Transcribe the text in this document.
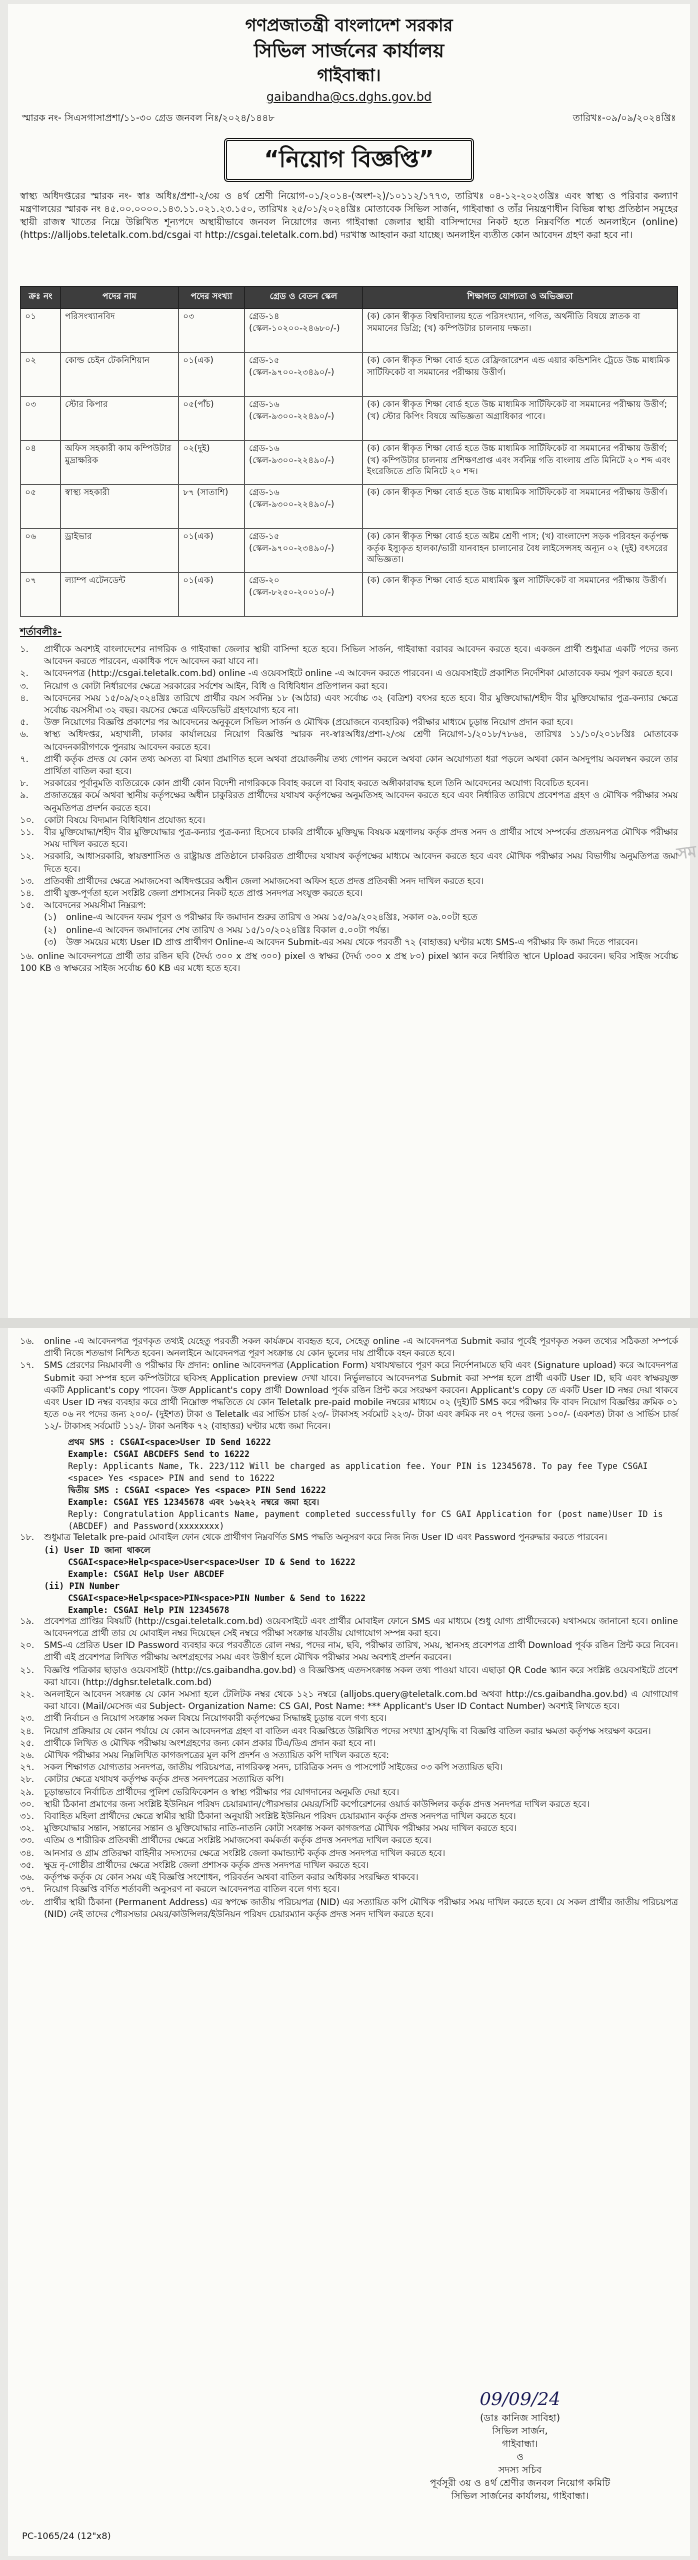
গণপ্রজাতন্ত্রী বাংলাদেশ সরকার
সিভিল সার্জনের কার্যালয়
গাইবান্ধা।
gaibandha@cs.dghs.gov.bd
স্মারক নং- সিএসগাসাপ্রশা/১১-৩০ গ্রেড জনবল নিঃ/২০২৪/১৪৪৮	তারিখঃ-০৯/০৯/২০২৪খ্রিঃ
“নিয়োগ বিজ্ঞপ্তি”
স্বাস্থ্য অধিদপ্তরের স্মারক নং- স্বাঃ অধিঃ/প্রশা-২/৩য় ও ৪র্থ শ্রেণী নিয়োগ-০১/২০১৪-(অংশ-২)/১০১১২/১৭৭৩, তারিখঃ ০৪-১২-২০২৩খ্রিঃ এবং স্বাস্থ্য ও পরিবার কল্যাণ মন্ত্রণালয়ের স্মারক নং ৪৫.০০.০০০০.১৪৩.১১.০২১.২৩.১৫০, তারিখঃ ২৫/০১/২০২৪খ্রিঃ মোতাবেক সিভিল সার্জন, গাইবান্ধা ও তাঁর নিয়ন্ত্রণাধীন বিভিন্ন স্বাস্থ্য প্রতিষ্ঠান সমূহের স্থায়ী রাজস্ব খাতের নিম্নে উল্লিখিত শূন্যপদে অস্থায়ীভাবে জনবল নিয়োগের জন্য গাইবান্ধা জেলার স্থায়ী বাসিন্দাদের নিকট হতে নিম্নবর্ণিত শর্তে অনলাইনে (online)(https://alljobs.teletalk.com.bd/csgai বা http://csgai.teletalk.com.bd) দরখাস্ত আহবান করা যাচ্ছে। অনলাইন ব্যতীত কোন আবেদন গ্রহণ করা হবে না।
ক্রঃ নং	পদের নাম	পদের সংখ্যা	গ্রেড ও বেতন স্কেল	শিক্ষাগত যোগ্যতা ও অভিজ্ঞতা
০১	পরিসংখ্যানবিদ	০৩	গ্রেড-১৪ (স্কেল-১০২০০-২৪৬৮০/-)	(ক) কোন স্বীকৃত বিশ্ববিদ্যালয় হতে পরিসংখ্যান, গণিত, অর্থনীতি বিষয়ে স্নাতক বা সমমানের ডিগ্রি; (খ) কম্পিউটার চালনায় দক্ষতা।
০২	কোল্ড চেইন টেকনিশিয়ান	০১(এক)	গ্রেড-১৫ (স্কেল-৯৭০০-২৩৪৯০/-)	(ক) কোন স্বীকৃত শিক্ষা বোর্ড হতে রেফ্রিজারেশন এন্ড এয়ার কন্ডিশনিং ট্রেডে উচ্চ মাধ্যমিক সার্টিফিকেট বা সমমানের পরীক্ষায় উত্তীর্ণ।
০৩	স্টোর কিপার	০৫(পাঁচ)	গ্রেড-১৬ (স্কেল-৯৩০০-২২৪৯০/-)	(ক) কোন স্বীকৃত শিক্ষা বোর্ড হতে উচ্চ মাধ্যমিক সার্টিফিকেট বা সমমানের পরীক্ষায় উত্তীর্ণ; (খ) স্টোর কিপিং বিষয়ে অভিজ্ঞতা অগ্রাধিকার পাবে।
০৪	অফিস সহকারী কাম কম্পিউটার মুদ্রাক্ষরিক	০২(দুই)	গ্রেড-১৬ (স্কেল-৯৩০০-২২৪৯০/-)	(ক) কোন স্বীকৃত শিক্ষা বোর্ড হতে উচ্চ মাধ্যমিক সার্টিফিকেট বা সমমানের পরীক্ষায় উত্তীর্ণ; (খ) কম্পিউটার চালনায় প্রশিক্ষণপ্রাপ্ত এবং সর্বনিম্ন গতি বাংলায় প্রতি মিনিটে ২০ শব্দ এবং ইংরেজিতে প্রতি মিনিটে ২০ শব্দ।
০৫	স্বাস্থ্য সহকারী	৮৭ (সাতাশি)	গ্রেড-১৬ (স্কেল-৯৩০০-২২৪৯০/-)	(ক) কোন স্বীকৃত শিক্ষা বোর্ড হতে উচ্চ মাধ্যমিক সার্টিফিকেট বা সমমানের পরীক্ষায় উত্তীর্ণ।
০৬	ড্রাইভার	০১(এক)	গ্রেড-১৫ (স্কেল-৯৭০০-২৩৪৯০/-)	(ক) কোন স্বীকৃত শিক্ষা বোর্ড হতে অষ্টম শ্রেণী পাস; (খ) বাংলাদেশ সড়ক পরিবহন কর্তৃপক্ষ কর্তৃক ইস্যুকৃত হালকা/ভারী যানবাহন চালানোর বৈধ লাইসেন্সসহ অন্যূন ০২ (দুই) বৎসরের অভিজ্ঞতা।
০৭	ল্যাম্প এটেনডেন্ট	০১(এক)	গ্রেড-২০ (স্কেল-৮২৫০-২০০১০/-)	(ক) কোন স্বীকৃত শিক্ষা বোর্ড হতে মাধ্যমিক স্কুল সার্টিফিকেট বা সমমানের পরীক্ষায় উত্তীর্ণ।
শর্তাবলীঃ-
১.	প্রার্থীকে অবশ্যই বাংলাদেশের নাগরিক ও গাইবান্ধা জেলার স্থায়ী বাসিন্দা হতে হবে। সিভিল সার্জন, গাইবান্ধা বরাবর আবেদন করতে হবে। একজন প্রার্থী শুধুমাত্র একটি পদের জন্য আবেদন করতে পারবেন, একাধিক পদে আবেদন করা যাবে না।
২.	আবেদনপত্র (http://csgai.teletalk.com.bd) online -এ ওয়েবসাইটে online -এ আবেদন করতে পারবেন। এ ওয়েবসাইটে প্রকাশিত নির্দেশিকা মোতাবেক ফরম পূরণ করতে হবে।
৩.	নিয়োগ ও কোটা নির্ধারণের ক্ষেত্রে সরকারের সর্বশেষ আইন, বিধি ও বিধিবিধান প্রতিপালন করা হবে।
৪.	আবেদনের সময় ১৫/০৯/২০২৪খ্রিঃ তারিখে প্রার্থীর বয়স সর্বনিম্ন ১৮ (আঠার) এবং সর্বোচ্চ ৩২ (বত্রিশ) বৎসর হতে হবে। বীর মুক্তিযোদ্ধা/শহীদ বীর মুক্তিযোদ্ধার পুত্র-কন্যার ক্ষেত্রে সর্বোচ্চ বয়সসীমা ৩২ বছর। বয়সের ক্ষেত্রে এফিডেভিট গ্রহণযোগ্য হবে না।
৫.	উক্ত নিয়োগের বিজ্ঞপ্তি প্রকাশের পর আবেদনের অনুকূলে সিভিল সার্জন ও মৌখিক (প্রয়োজনে ব্যবহারিক) পরীক্ষার মাধ্যমে চূড়ান্ত নিয়োগ প্রদান করা হবে।
৬.	স্বাস্থ্য অধিদপ্তর, মহাখালী, ঢাকার কার্যালয়ের নিয়োগ বিজ্ঞপ্তি স্মারক নং-স্বাঃঅধিঃ/প্রশা-২/৩য় শ্রেণী নিয়োগ-১/২০১৮/৭৮৬৪, তারিখঃ ১১/১০/২০১৮খ্রিঃ মোতাবেক আবেদনকারীগণকে পুনরায় আবেদন করতে হবে।
৭.	প্রার্থী কর্তৃক প্রদত্ত যে কোন তথ্য অসত্য বা মিথ্যা প্রমাণিত হলে অথবা প্রয়োজনীয় তথ্য গোপন করলে অথবা কোন অযোগ্যতা ধরা পড়লে অথবা কোন অসদুপায় অবলম্বন করলে তার প্রার্থিতা বাতিল করা হবে।
৮.	সরকারের পূর্বানুমতি ব্যতিরেকে কোন প্রার্থী কোন বিদেশী নাগরিককে বিবাহ করলে বা বিবাহ করতে অঙ্গীকারাবদ্ধ হলে তিনি আবেদনের অযোগ্য বিবেচিত হবেন।
৯.	প্রজাতন্ত্রের কর্মে অথবা স্থানীয় কর্তৃপক্ষের অধীন চাকুরিরত প্রার্থীদের যথাযথ কর্তৃপক্ষের অনুমতিসহ আবেদন করতে হবে এবং নির্ধারিত তারিখে প্রবেশপত্র গ্রহণ ও মৌখিক পরীক্ষার সময় অনুমতিপত্র প্রদর্শন করতে হবে।
১০.	কোটা বিষয়ে বিদ্যমান বিধিবিধান প্রযোজ্য হবে।
১১.	বীর মুক্তিযোদ্ধা/শহীদ বীর মুক্তিযোদ্ধার পুত্র-কন্যার পুত্র-কন্যা হিসেবে চাকরি প্রার্থীকে মুক্তিযুদ্ধ বিষয়ক মন্ত্রণালয় কর্তৃক প্রদত্ত সনদ ও প্রার্থীর সাথে সম্পর্কের প্রত্যয়নপত্র মৌখিক পরীক্ষার সময় দাখিল করতে হবে।
১২.	সরকারি, আধাসরকারি, স্বায়ত্তশাসিত ও রাষ্ট্রায়ত্ত প্রতিষ্ঠানে চাকরিরত প্রার্থীদের যথাযথ কর্তৃপক্ষের মাধ্যমে আবেদন করতে হবে এবং মৌখিক পরীক্ষার সময় বিভাগীয় অনুমতিপত্র জমা দিতে হবে।
১৩.	প্রতিবন্ধী প্রার্থীদের ক্ষেত্রে সমাজসেবা অধিদপ্তরের অধীন জেলা সমাজসেবা অফিস হতে প্রদত্ত প্রতিবন্ধী সনদ দাখিল করতে হবে।
১৪.	প্রার্থী যুক্ত-পূর্ণতা হলে সংশ্লিষ্ট জেলা প্রশাসনের নিকট হতে প্রাপ্ত সনদপত্র সংযুক্ত করতে হবে।
১৫.	আবেদনের সময়সীমা নিম্নরূপ:
(১)	online-এ আবেদন ফরম পূরণ ও পরীক্ষার ফি জমাদান শুরুর তারিখ ও সময় ১৫/০৯/২০২৪খ্রিঃ, সকাল ০৯.০০টা হতে
(২)	online-এ আবেদন জমাদানের শেষ তারিখ ও সময় ১৫/১০/২০২৪খ্রিঃ বিকাল ৫.০০টা পর্যন্ত।
(৩)	উক্ত সময়ের মধ্যে User ID প্রাপ্ত প্রার্থীগণ Online-এ আবেদন Submit-এর সময় থেকে পরবর্তী ৭২ (বাহাত্তর) ঘণ্টার মধ্যে SMS-এ পরীক্ষার ফি জমা দিতে পারবেন।
১৬. online আবেদনপত্রে প্রার্থী তার রঙিন ছবি (দৈর্ঘ্য ৩০০ x প্রস্থ ৩০০) pixel ও স্বাক্ষর (দৈর্ঘ্য ৩০০ x প্রস্থ ৮০) pixel স্ক্যান করে নির্ধারিত স্থানে Upload করবেন। ছবির সাইজ সর্বোচ্চ 100 KB ও স্বাক্ষরের সাইজ সর্বোচ্চ 60 KB এর মধ্যে হতে হবে।
সম
১৬.	online -এ আবেদনপত্র পূরণকৃত তথ্যই যেহেতু পরবর্তী সকল কার্যক্রমে ব্যবহৃত হবে, সেহেতু online -এ আবেদনপত্র Submit করার পূর্বেই পূরণকৃত সকল তথ্যের সঠিকতা সম্পর্কে প্রার্থী নিজে শতভাগ নিশ্চিত হবেন। অনলাইনে আবেদনপত্র পূরণ সংক্রান্ত যে কোন ভুলের দায় প্রার্থীকে বহন করতে হবে।
১৭.	SMS প্রেরণের নিয়মাবলী ও পরীক্ষার ফি প্রদান: online আবেদনপত্র (Application Form) যথাযথভাবে পূরণ করে নির্দেশনামতে ছবি এবং (Signature upload) করে আবেদনপত্র Submit করা সম্পন্ন হলে কম্পিউটারে ছবিসহ Application preview দেখা যাবে। নির্ভুলভাবে আবেদনপত্র Submit করা সম্পন্ন হলে প্রার্থী একটি User ID, ছবি এবং স্বাক্ষরযুক্ত একটি Applicant's copy পাবেন। উক্ত Applicant's copy প্রার্থী Download পূর্বক রঙিন প্রিন্ট করে সংরক্ষণ করবেন। Applicant's copy তে একটি User ID নম্বর দেয়া থাকবে এবং User ID নম্বর ব্যবহার করে প্রার্থী নিম্নোক্ত পদ্ধতিতে যে কোন Teletalk pre-paid mobile নম্বরের মাধ্যমে ০২ (দুই)টি SMS করে পরীক্ষার ফি বাবদ নিয়োগ বিজ্ঞপ্তির ক্রমিক ০১ হতে ০৬ নং পদের জন্য ২০০/- (দুইশত) টাকা ও Teletalk এর সার্ভিস চার্জ ২৩/- টাকাসহ সর্বমোট ২২৩/- টাকা এবং ক্রমিক নং ০৭ পদের জন্য ১০০/- (একশত) টাকা ও সার্ভিস চার্জ ১২/- টাকাসহ সর্বমোট ১১২/- টাকা অনধিক ৭২ (বাহাত্তর) ঘণ্টার মধ্যে জমা দিবেন।
প্রথম SMS : CSGAI<space>User ID Send 16222
Example: CSGAI ABCDEFS Send to 16222
Reply: Applicants Name, Tk. 223/112 Will be charged as application fee. Your PIN is 12345678. To pay fee Type CSGAI <space> Yes <space> PIN and send to 16222
দ্বিতীয় SMS : CSGAI <space> Yes <space> PIN Send 16222
Example: CSGAI YES 12345678 এবং ১৬২২২ নম্বরে জমা হবে।
Reply: Congratulation Applicants Name, payment completed successfully for CS GAI Application for (post name)User ID is (ABCDEF) and Password(xxxxxxxx)
১৮.	শুধুমাত্র Teletalk pre-paid মোবাইল ফোন থেকে প্রার্থীগণ নিম্নবর্ণিত SMS পদ্ধতি অনুসরণ করে নিজ নিজ User ID এবং Password পুনরুদ্ধার করতে পারবেন।
(i) User ID জানা থাকলে
CSGAI<space>Help<space>User<space>User ID & Send to 16222
Example: CSGAI Help User ABCDEF
(ii) PIN Number
CSGAI<space>Help<space>PIN<space>PIN Number & Send to 16222
Example: CSGAI Help PIN 12345678
১৯.	প্রবেশপত্র প্রাপ্তির বিষয়টি (http://csgai.teletalk.com.bd) ওয়েবসাইটে এবং প্রার্থীর মোবাইল ফোনে SMS এর মাধ্যমে (শুধু যোগ্য প্রার্থীদেরকে) যথাসময়ে জানানো হবে। online আবেদনপত্রে প্রার্থী তার যে মোবাইল নম্বর দিয়েছেন সেই নম্বরে পরীক্ষা সংক্রান্ত যাবতীয় যোগাযোগ সম্পন্ন করা হবে।
২০.	SMS-এ প্রেরিত User ID Password ব্যবহার করে পরবর্তীতে রোল নম্বর, পদের নাম, ছবি, পরীক্ষার তারিখ, সময়, স্থানসহ প্রবেশপত্র প্রার্থী Download পূর্বক রঙিন প্রিন্ট করে নিবেন। প্রার্থী এই প্রবেশপত্র লিখিত পরীক্ষায় অংশগ্রহণের সময় এবং উত্তীর্ণ হলে মৌখিক পরীক্ষার সময় অবশ্যই প্রদর্শন করবেন।
২১.	বিজ্ঞপ্তি পত্রিকার ছাড়াও ওয়েবসাইট (http://cs.gaibandha.gov.bd) ও বিজ্ঞপ্তিসহ এতদসংক্রান্ত সকল তথ্য পাওয়া যাবে। এছাড়া QR Code স্ক্যান করে সংশ্লিষ্ট ওয়েবসাইটে প্রবেশ করা যাবে। (http://dghsr.teletalk.com.bd)
২২.	অনলাইনে আবেদন সংক্রান্ত যে কোন সমস্যা হলে টেলিটক নম্বর থেকে ১২১ নম্বরে (alljobs.query@teletalk.com.bd অথবা http://cs.gaibandha.gov.bd) এ যোগাযোগ করা যাবে। (Mail/মেসেজ এর Subject- Organization Name: CS GAI, Post Name: *** Applicant's User ID Contact Number) অবশ্যই লিখতে হবে।
২৩.	প্রার্থী নির্বাচন ও নিয়োগ সংক্রান্ত সকল বিষয়ে নিয়োগকারী কর্তৃপক্ষের সিদ্ধান্তই চূড়ান্ত বলে গণ্য হবে।
২৪.	নিয়োগ প্রক্রিয়ার যে কোন পর্যায়ে যে কোন আবেদনপত্র গ্রহণ বা বাতিল এবং বিজ্ঞপ্তিতে উল্লিখিত পদের সংখ্যা হ্রাস/বৃদ্ধি বা বিজ্ঞপ্তি বাতিল করার ক্ষমতা কর্তৃপক্ষ সংরক্ষণ করেন।
২৫.	প্রার্থীকে লিখিত ও মৌখিক পরীক্ষায় অংশগ্রহণের জন্য কোন প্রকার টিএ/ডিএ প্রদান করা হবে না।
২৬.	মৌখিক পরীক্ষার সময় নিম্নলিখিত কাগজপত্রের মূল কপি প্রদর্শন ও সত্যায়িত কপি দাখিল করতে হবে:
২৭.	সকল শিক্ষাগত যোগ্যতার সনদপত্র, জাতীয় পরিচয়পত্র, নাগরিকত্ব সনদ, চারিত্রিক সনদ ও পাসপোর্ট সাইজের ০৩ কপি সত্যায়িত ছবি।
২৮.	কোটার ক্ষেত্রে যথাযথ কর্তৃপক্ষ কর্তৃক প্রদত্ত সনদপত্রের সত্যায়িত কপি।
২৯.	চূড়ান্তভাবে নির্বাচিত প্রার্থীদের পুলিশ ভেরিফিকেশন ও স্বাস্থ্য পরীক্ষার পর যোগদানের অনুমতি দেয়া হবে।
৩০.	স্থায়ী ঠিকানা প্রমাণের জন্য সংশ্লিষ্ট ইউনিয়ন পরিষদ চেয়ারম্যান/পৌরসভার মেয়র/সিটি কর্পোরেশনের ওয়ার্ড কাউন্সিলর কর্তৃক প্রদত্ত সনদপত্র দাখিল করতে হবে।
৩১.	বিবাহিত মহিলা প্রার্থীদের ক্ষেত্রে স্বামীর স্থায়ী ঠিকানা অনুযায়ী সংশ্লিষ্ট ইউনিয়ন পরিষদ চেয়ারম্যান কর্তৃক প্রদত্ত সনদপত্র দাখিল করতে হবে।
৩২.	মুক্তিযোদ্ধার সন্তান, সন্তানের সন্তান ও মুক্তিযোদ্ধার নাতি-নাতনি কোটা সংক্রান্ত সকল কাগজপত্র মৌখিক পরীক্ষার সময় দাখিল করতে হবে।
৩৩.	এতিম ও শারীরিক প্রতিবন্ধী প্রার্থীদের ক্ষেত্রে সংশ্লিষ্ট সমাজসেবা কর্মকর্তা কর্তৃক প্রদত্ত সনদপত্র দাখিল করতে হবে।
৩৪.	আনসার ও গ্রাম প্রতিরক্ষা বাহিনীর সদস্যদের ক্ষেত্রে সংশ্লিষ্ট জেলা কমান্ড্যান্ট কর্তৃক প্রদত্ত সনদপত্র দাখিল করতে হবে।
৩৫.	ক্ষুদ্র নৃ-গোষ্ঠীর প্রার্থীদের ক্ষেত্রে সংশ্লিষ্ট জেলা প্রশাসক কর্তৃক প্রদত্ত সনদপত্র দাখিল করতে হবে।
৩৬.	কর্তৃপক্ষ কর্তৃক যে কোন সময় এই বিজ্ঞপ্তি সংশোধন, পরিবর্তন অথবা বাতিল করার অধিকার সংরক্ষিত থাকবে।
৩৭.	নিয়োগ বিজ্ঞপ্তি বর্ণিত শর্তাবলী অনুসরণ না করলে আবেদনপত্র বাতিল বলে গণ্য হবে।
৩৮.	প্রার্থীর স্থায়ী ঠিকানা (Permanent Address) এর স্বপক্ষে জাতীয় পরিচয়পত্র (NID) এর সত্যায়িত কপি মৌখিক পরীক্ষার সময় দাখিল করতে হবে। যে সকল প্রার্থীর জাতীয় পরিচয়পত্র (NID) নেই তাদের পৌরসভার মেয়র/কাউন্সিলর/ইউনিয়ন পরিষদ চেয়ারম্যান কর্তৃক প্রদত্ত সনদ দাখিল করতে হবে।
09/09/24
(ডাঃ কানিজ সাবিহা)
সিভিল সার্জন,
গাইবান্ধা।
ও
সদস্য সচিব
পূর্বসূরী ৩য় ও ৪র্থ শ্রেণীর জনবল নিয়োগ কমিটি
সিভিল সার্জনের কার্যালয়, গাইবান্ধা।
PC-1065/24 (12"x8)
